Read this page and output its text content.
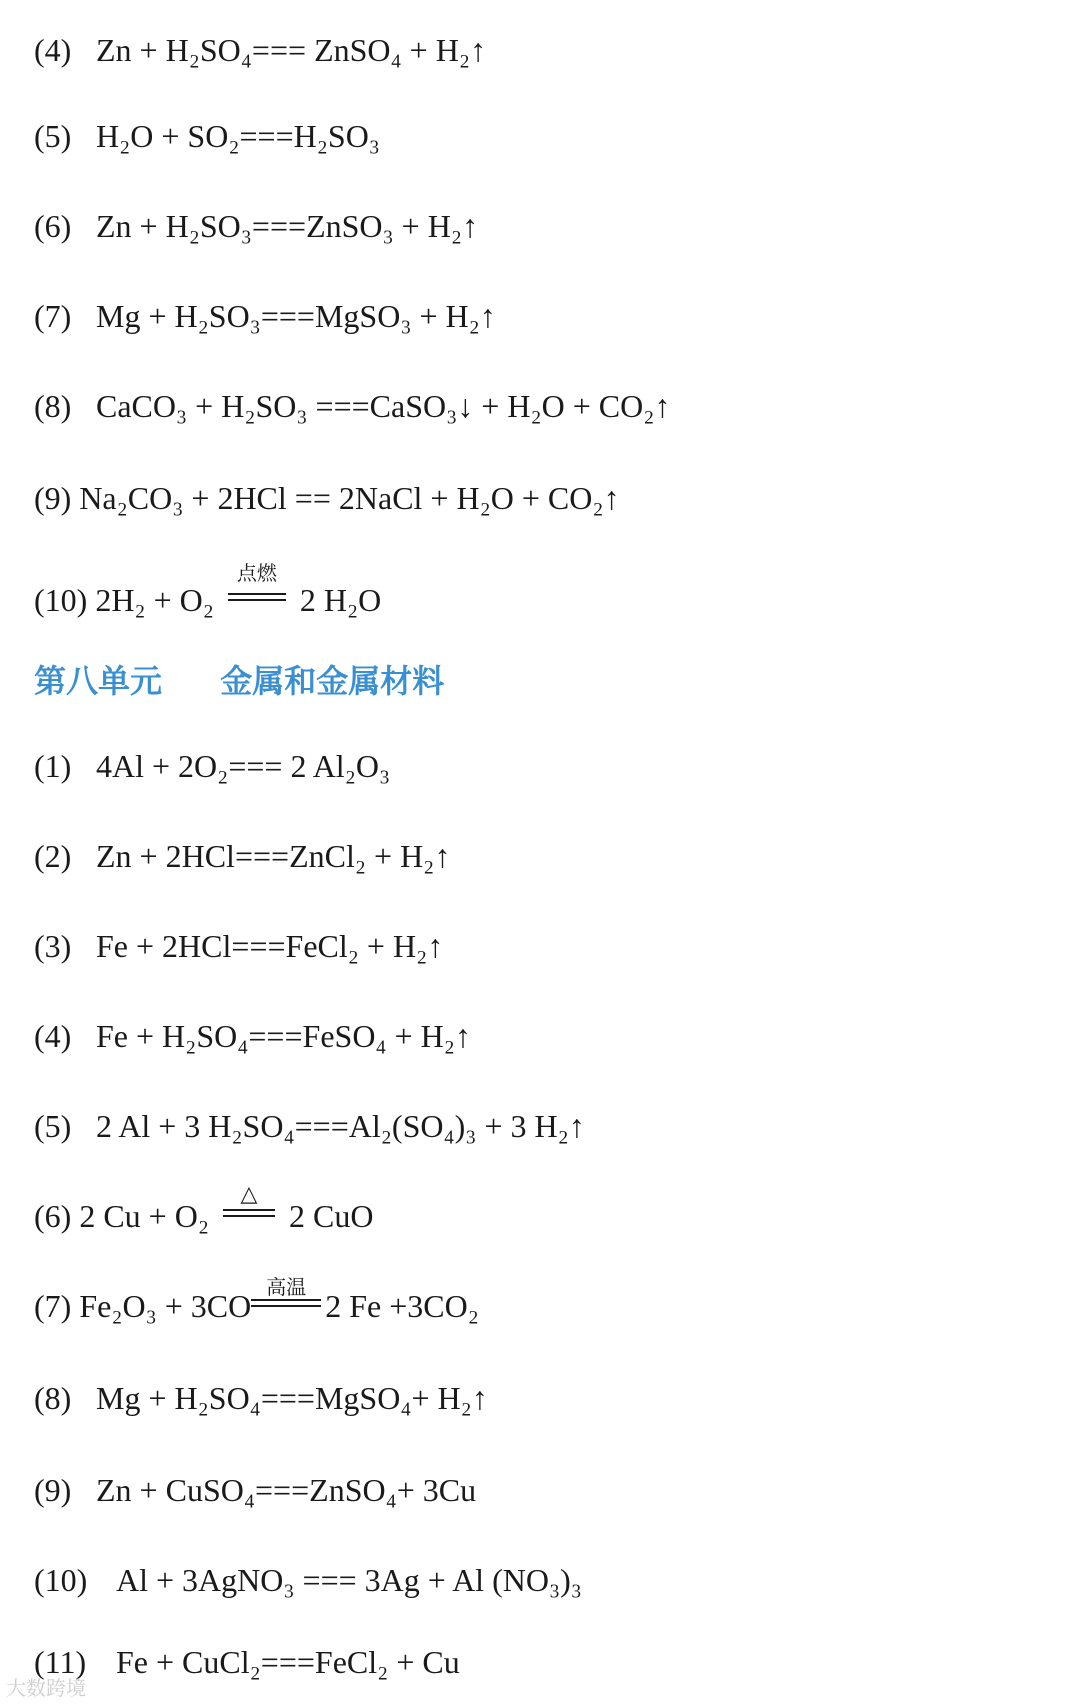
(4) Zn + H₂SO₄=== ZnSO₄ + H₂↑
(5) H₂O + SO₂===H₂SO₃
(6) Zn + H₂SO₃===ZnSO₃ + H₂↑
(7) Mg + H₂SO₃===MgSO₃ + H₂↑
(8) CaCO₃ + H₂SO₃ ===CaSO₃↓ + H₂O + CO₂↑
(9) Na₂CO₃ + 2HCl == 2NaCl + H₂O + CO₂↑
(10) 2H₂ + O₂
点燃
2 H₂O
第八单元 金属和金属材料
(1) 4Al + 2O₂=== 2 Al₂O₃
(2) Zn + 2HCl===ZnCl₂ + H₂↑
(3) Fe + 2HCl===FeCl₂ + H₂↑
(4) Fe + H₂SO₄===FeSO₄ + H₂↑
(5) 2 Al + 3 H₂SO₄===Al₂(SO₄)₃ + 3 H₂↑
(6) 2 Cu + O₂
△
2 CuO
(7) Fe₂O₃ + 3CO
高温
2 Fe +3CO₂
(8) Mg + H₂SO₄===MgSO₄+ H₂↑
(9) Zn + CuSO₄===ZnSO₄+ 3Cu
(10) Al + 3AgNO₃ === 3Ag + Al (NO₃)₃
(11) Fe + CuCl₂===FeCl₂ + Cu
大数跨境
